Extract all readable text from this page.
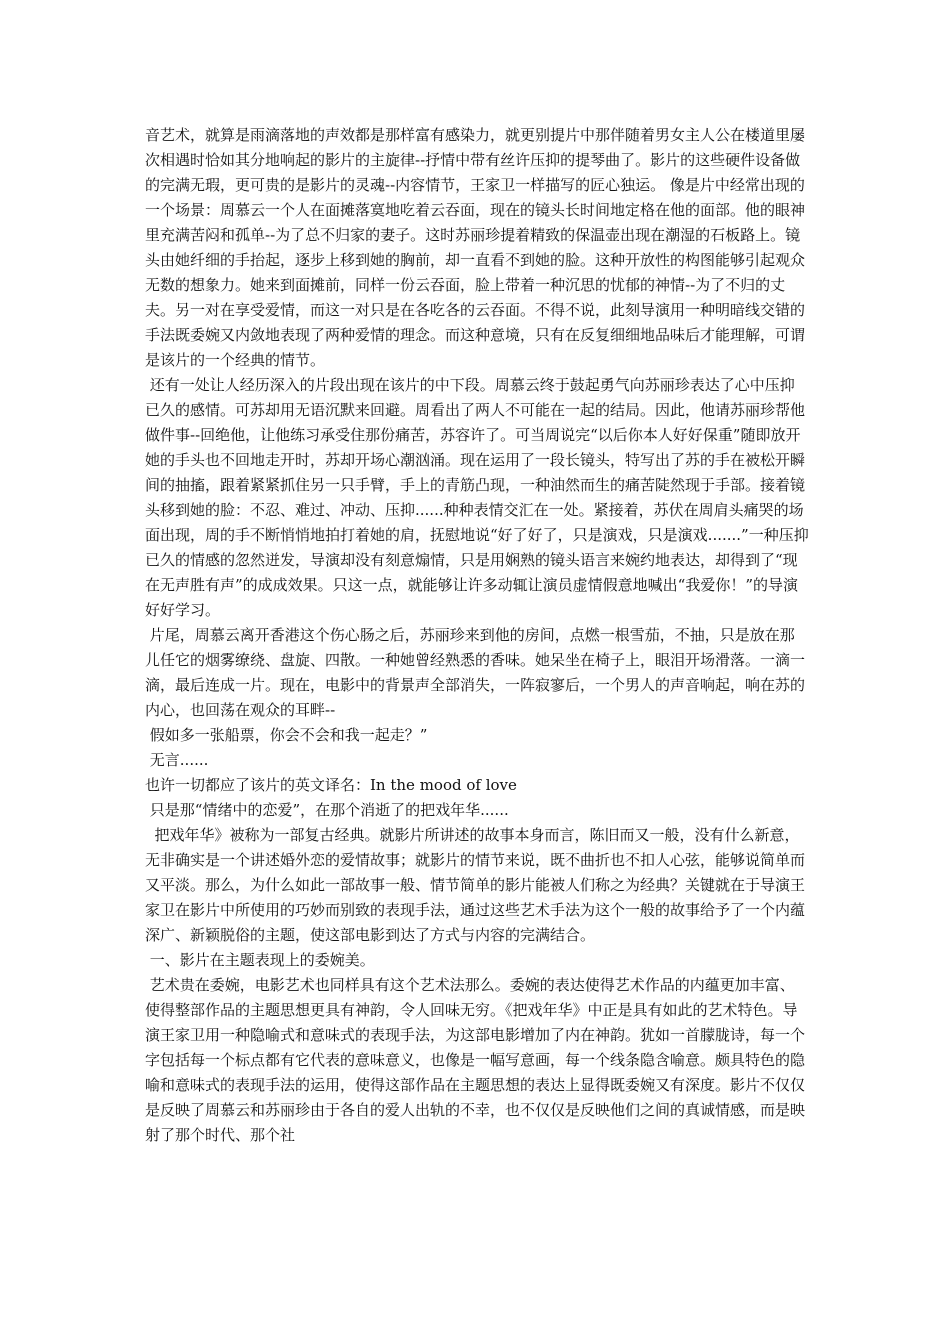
音艺术，就算是雨滴落地的声效都是那样富有感染力，就更别提片中那伴随着男女主人公在楼道里屡次相遇时恰如其分地响起的影片的主旋律--抒情中带有丝许压抑的提琴曲了。影片的这些硬件设备做的完满无瑕，更可贵的是影片的灵魂--内容情节，王家卫一样描写的匠心独运。 像是片中经常出现的一个场景：周慕云一个人在面摊落寞地吃着云吞面，现在的镜头长时间地定格在他的面部。他的眼神里充满苦闷和孤单--为了总不归家的妻子。这时苏丽珍提着精致的保温壶出现在潮湿的石板路上。镜头由她纤细的手抬起，逐步上移到她的胸前，却一直看不到她的脸。这种开放性的构图能够引起观众无数的想象力。她来到面摊前，同样一份云吞面，脸上带着一种沉思的忧郁的神情--为了不归的丈夫。另一对在享受爱情，而这一对只是在各吃各的云吞面。不得不说，此刻导演用一种明暗线交错的手法既委婉又内敛地表现了两种爱情的理念。而这种意境，只有在反复细细地品味后才能理解，可谓是该片的一个经典的情节。

还有一处让人经历深入的片段出现在该片的中下段。周慕云终于鼓起勇气向苏丽珍表达了心中压抑已久的感情。可苏却用无语沉默来回避。周看出了两人不可能在一起的结局。因此，他请苏丽珍帮他做件事--回绝他，让他练习承受住那份痛苦，苏容许了。可当周说完“以后你本人好好保重”随即放开她的手头也不回地走开时，苏却开场心潮汹涌。现在运用了一段长镜头，特写出了苏的手在被松开瞬间的抽搐，跟着紧紧抓住另一只手臂，手上的青筋凸现，一种油然而生的痛苦陡然现于手部。接着镜头移到她的脸：不忍、难过、冲动、压抑......种种表情交汇在一处。紧接着，苏伏在周肩头痛哭的场面出现，周的手不断悄悄地拍打着她的肩，抚慰地说“好了好了，只是演戏，只是演戏.......”一种压抑已久的情感的忽然迸发，导演却没有刻意煽情，只是用娴熟的镜头语言来婉约地表达，却得到了“现在无声胜有声”的成成效果。只这一点，就能够让许多动辄让演员虚情假意地喊出“我爱你！”的导演好好学习。

片尾，周慕云离开香港这个伤心肠之后，苏丽珍来到他的房间，点燃一根雪茄，不抽，只是放在那儿任它的烟雾缭绕、盘旋、四散。一种她曾经熟悉的香味。她呆坐在椅子上，眼泪开场滑落。一滴一滴，最后连成一片。现在，电影中的背景声全部消失，一阵寂寥后，一个男人的声音响起，响在苏的内心，也回荡在观众的耳畔--

假如多一张船票，你会不会和我一起走？”

无言......

也许一切都应了该片的英文译名：In the mood of love

只是那“情绪中的恋爱”，在那个消逝了的把戏年华......

把戏年华》被称为一部复古经典。就影片所讲述的故事本身而言，陈旧而又一般，没有什么新意，无非确实是一个讲述婚外恋的爱情故事；就影片的情节来说，既不曲折也不扣人心弦，能够说简单而又平淡。那么，为什么如此一部故事一般、情节简单的影片能被人们称之为经典？关键就在于导演王家卫在影片中所使用的巧妙而别致的表现手法，通过这些艺术手法为这个一般的故事给予了一个内蕴深广、新颖脱俗的主题，使这部电影到达了方式与内容的完满结合。

一、影片在主题表现上的委婉美。

艺术贵在委婉，电影艺术也同样具有这个艺术法那么。委婉的表达使得艺术作品的内蕴更加丰富、使得整部作品的主题思想更具有神韵，令人回味无穷。《把戏年华》中正是具有如此的艺术特色。导演王家卫用一种隐喻式和意味式的表现手法，为这部电影增加了内在神韵。犹如一首朦胧诗，每一个字包括每一个标点都有它代表的意味意义，也像是一幅写意画，每一个线条隐含喻意。颇具特色的隐喻和意味式的表现手法的运用，使得这部作品在主题思想的表达上显得既委婉又有深度。影片不仅仅是反映了周慕云和苏丽珍由于各自的爱人出轨的不幸，也不仅仅是反映他们之间的真诚情感，而是映射了那个时代、那个社
